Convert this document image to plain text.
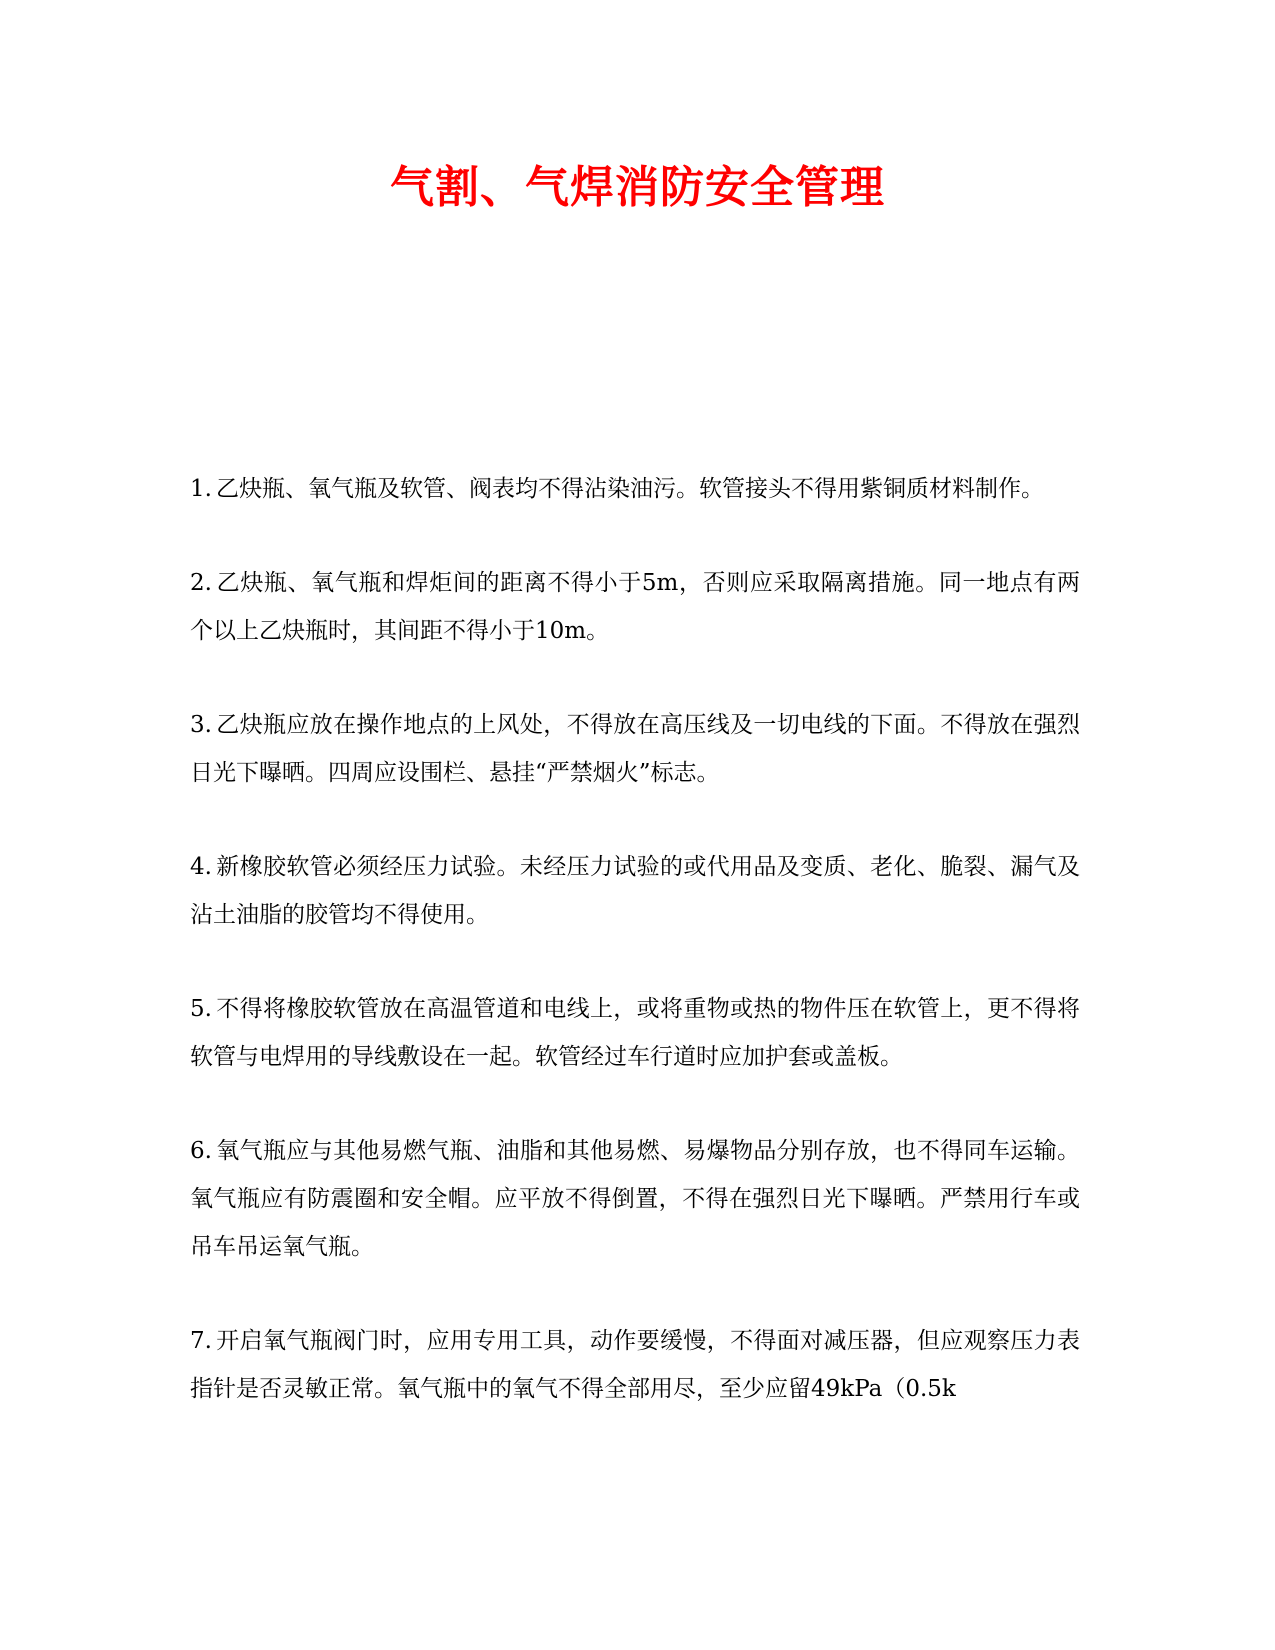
气割、气焊消防安全管理

1. 乙炔瓶、氧气瓶及软管、阀表均不得沾染油污。软管接头不得用紫铜质材料制作。

2. 乙炔瓶、氧气瓶和焊炬间的距离不得小于5m，否则应采取隔离措施。同一地点有两个以上乙炔瓶时，其间距不得小于10m。

3. 乙炔瓶应放在操作地点的上风处，不得放在高压线及一切电线的下面。不得放在强烈日光下曝晒。四周应设围栏、悬挂“严禁烟火”标志。

4. 新橡胶软管必须经压力试验。未经压力试验的或代用品及变质、老化、脆裂、漏气及沾土油脂的胶管均不得使用。

5. 不得将橡胶软管放在高温管道和电线上，或将重物或热的物件压在软管上，更不得将软管与电焊用的导线敷设在一起。软管经过车行道时应加护套或盖板。

6. 氧气瓶应与其他易燃气瓶、油脂和其他易燃、易爆物品分别存放，也不得同车运输。氧气瓶应有防震圈和安全帽。应平放不得倒置，不得在强烈日光下曝晒。严禁用行车或吊车吊运氧气瓶。

7. 开启氧气瓶阀门时，应用专用工具，动作要缓慢，不得面对减压器，但应观察压力表指针是否灵敏正常。氧气瓶中的氧气不得全部用尽，至少应留49kPa（0.5k
